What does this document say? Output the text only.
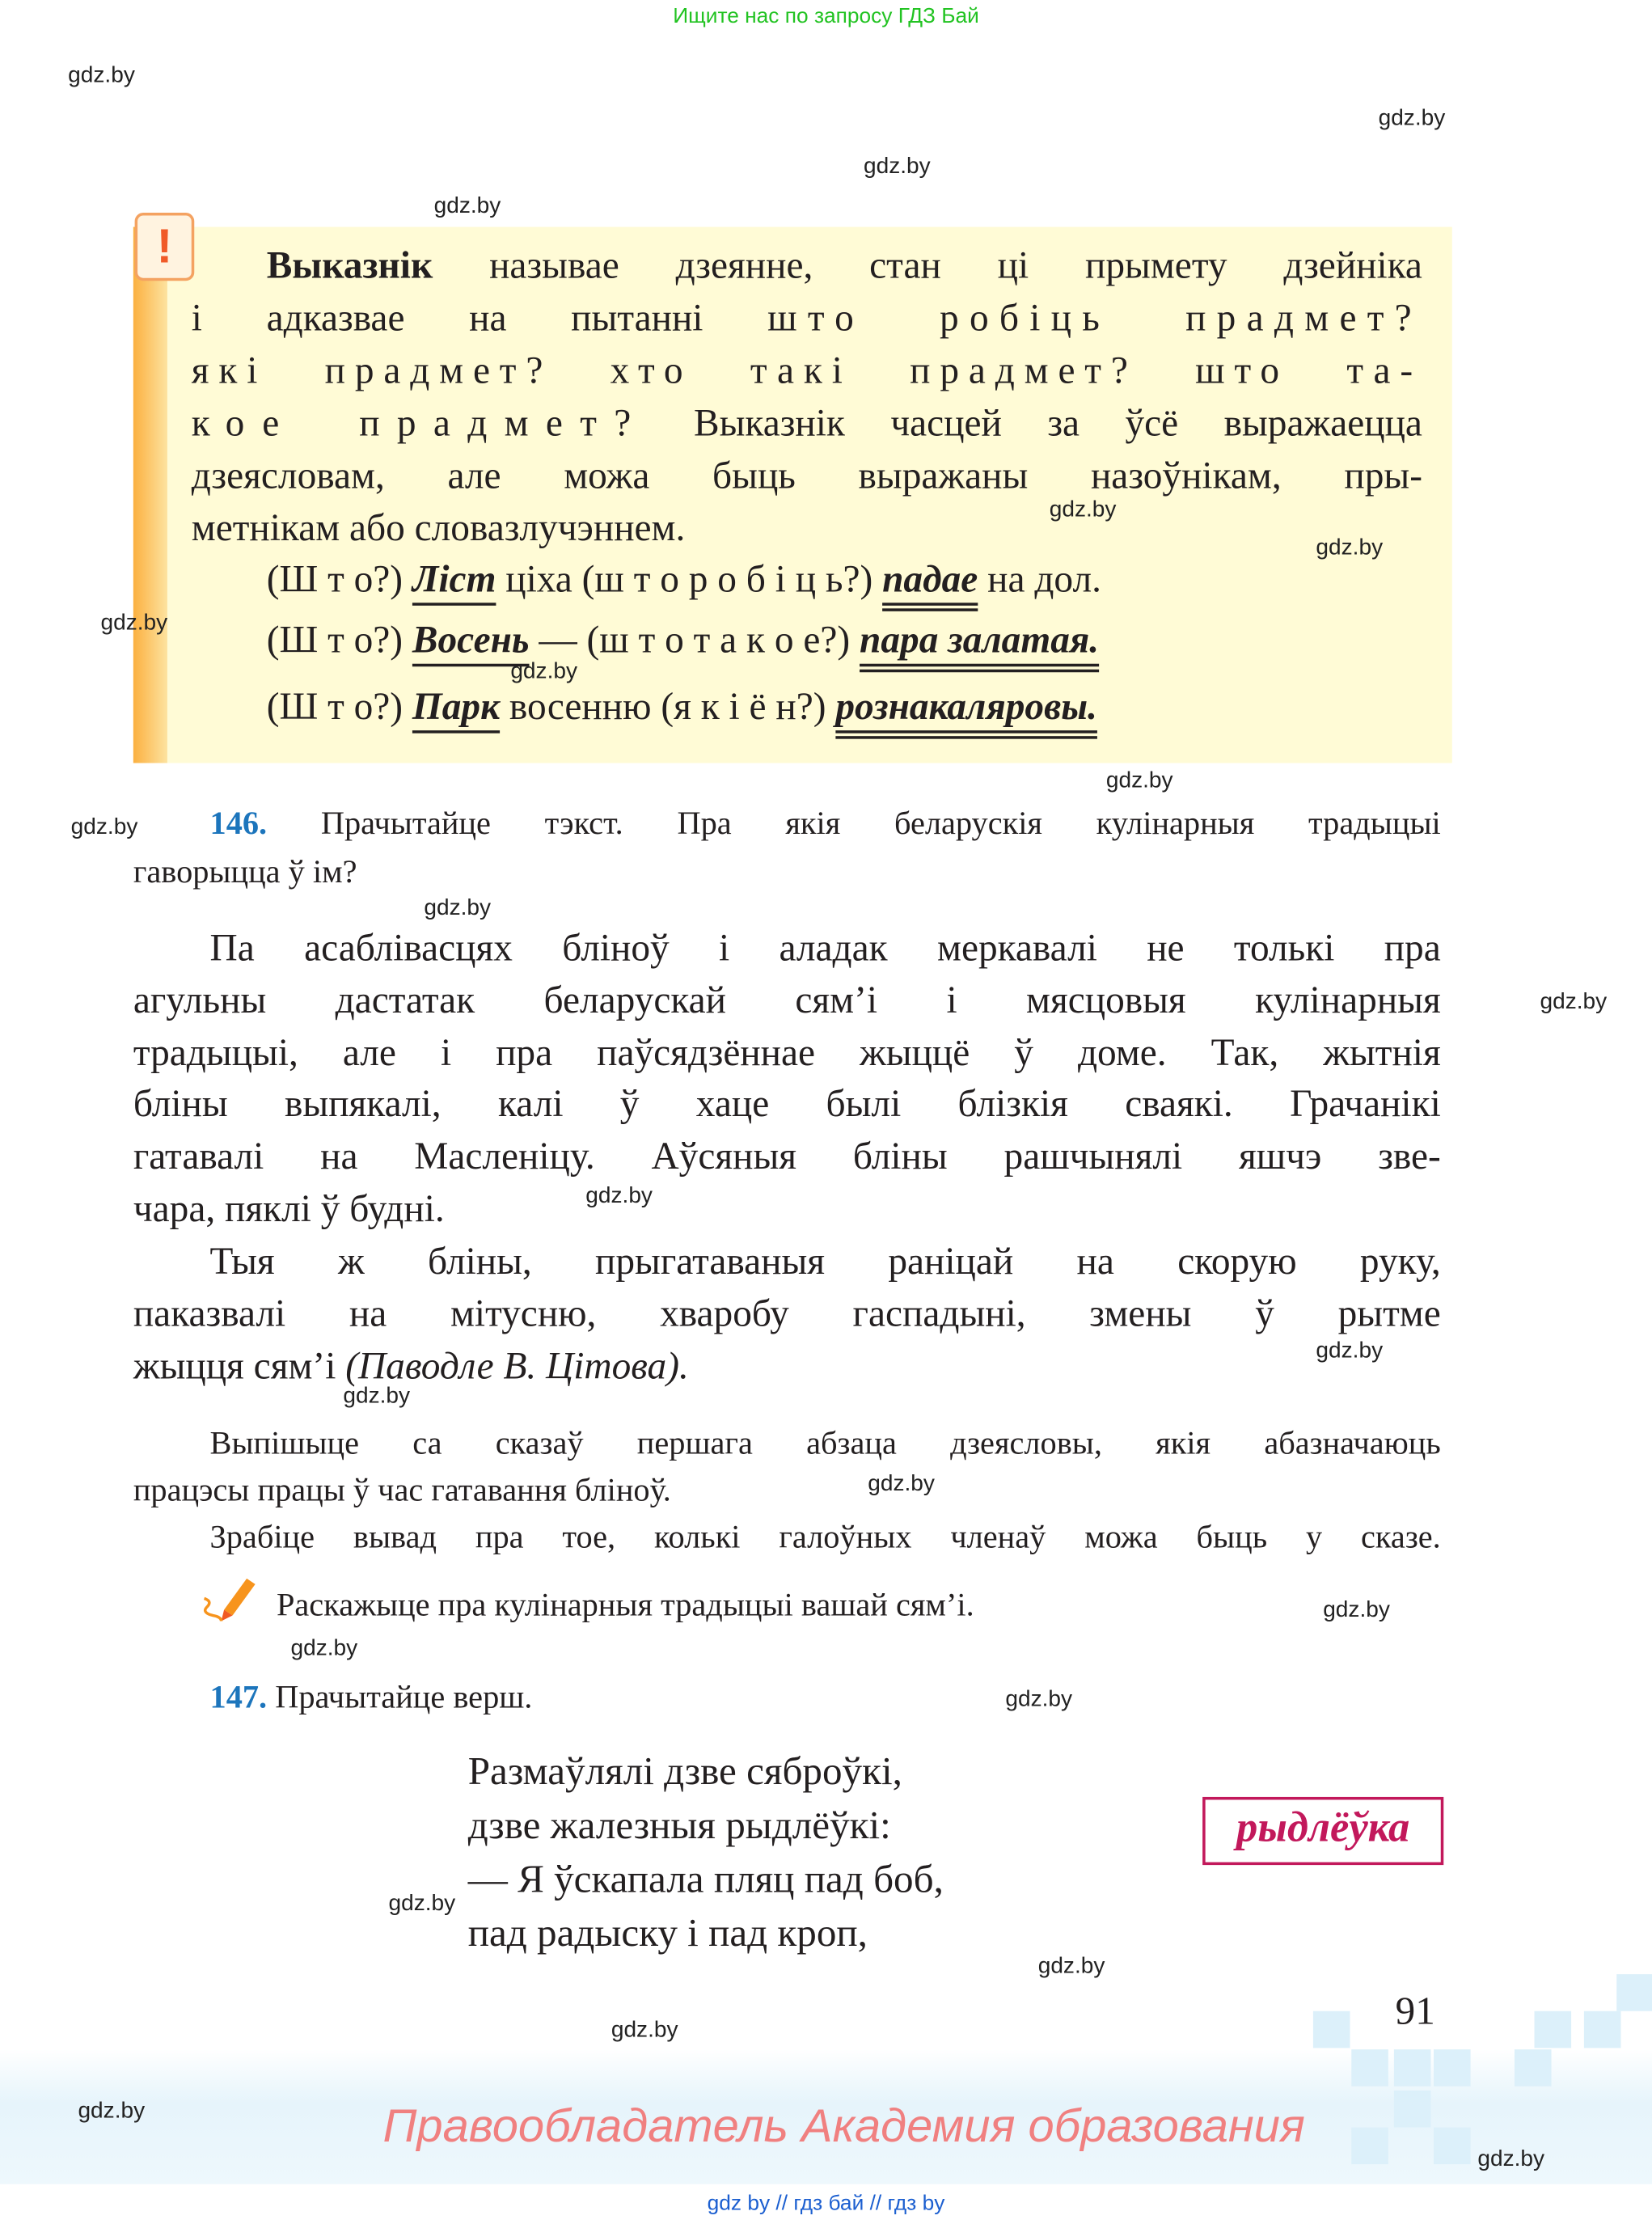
Ищите нас по запросу ГДЗ Бай
!	Выказнік называе дзеянне, стан ці прымету дзейніка
і адказвае на пытанні што робіць прадмет?
які прадмет? хто такі прадмет? што та-
кое прадмет? Выказнік часцей за ўсё выражаецца
дзеясловам, але можа быць выражаны назоўнікам, пры-
метнікам або словазлучэннем.
(Ш т о?) Ліст ціха (ш т о р о б і ц ь?) падае на дол.
(Ш т о?) Восень — (ш т о т а к о е?) пара залатая.
(Ш т о?) Парк восенню (я к і ё н?) рознакаляровы.
146.	Прачытайце тэкст. Пра якія беларускія кулінарныя традыцыі
гаворыцца ў ім?
Па асаблівасцях бліноў і аладак меркавалі не толькі пра
агульны дастатак беларускай сям’і і мясцовыя кулінарныя
традыцыі, але і пра паўсядзённае жыццё ў доме. Так, жытнія
бліны выпякалі, калі ў хаце былі блізкія сваякі. Грачанікі
гатавалі на Масленіцу. Аўсяныя бліны рашчынялі яшчэ зве-
чара, пяклі ў будні.
Тыя ж бліны, прыгатаваныя раніцай на скорую руку,
паказвалі на мітусню, хваробу гаспадыні, змены ў рытме
жыцця сям’і (Паводле В. Цітова).
Выпішыце са сказаў першага абзаца дзеясловы, якія абазначаюць
працэсы працы ў час гатавання бліноў.
Зрабіце вывад пра тое, колькі галоўных членаў можа быць у сказе.
Раскажыце пра кулінарныя традыцыі вашай сям’і.
147. Прачытайце верш.
Размаўлялі дзве сяброўкі,
дзве жалезныя рыдлёўкі:
— Я ўскапала пляц пад боб,
пад радыску і пад кроп,
рыдлёўка
91
Правообладатель Академия образования
gdz by // гдз бай // гдз by
gdz.by
gdz.by
gdz.by
gdz.by
gdz.by
gdz.by
gdz.by
gdz.by
gdz.by
gdz.by
gdz.by
gdz.by
gdz.by
gdz.by
gdz.by
gdz.by
gdz.by
gdz.by
gdz.by
gdz.by
gdz.by
gdz.by
gdz.by
gdz.by
